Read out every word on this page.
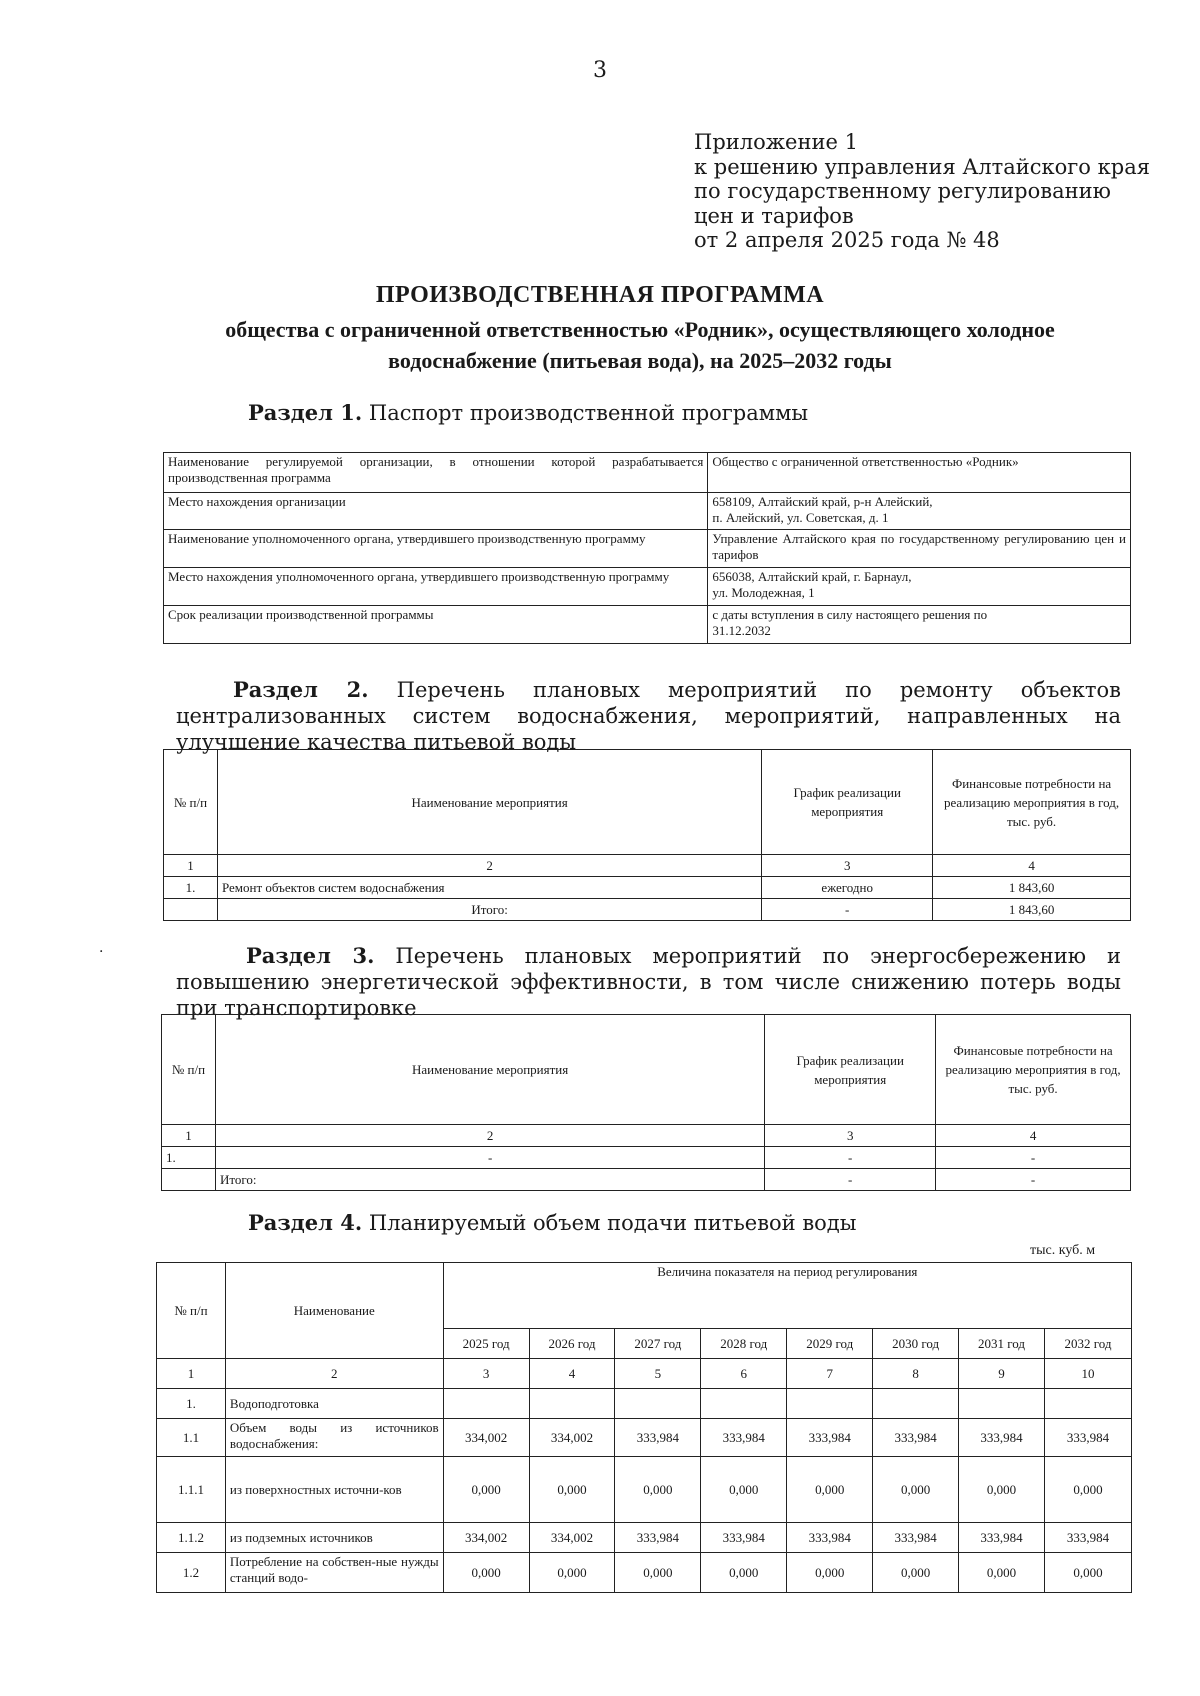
3
Приложение 1
к решению управления Алтайского края
по государственному регулированию
цен и тарифов
от 2 апреля 2025 года № 48
ПРОИЗВОДСТВЕННАЯ ПРОГРАММА
общества с ограниченной ответственностью «Родник», осуществляющего холодное водоснабжение (питьевая вода), на 2025–2032 годы
Раздел 1. Паспорт производственной программы
Наименование регулируемой организации, в отношении которой разрабатывается производственная программа	Общество с ограниченной ответственностью «Родник»
Место нахождения организации	658109, Алтайский край, р-н Алейский,
п. Алейский, ул. Советская, д. 1

Наименование уполномоченного органа, утвердившего производственную программу	Управление Алтайского края по государственному регулированию цен и тарифов
Место нахождения уполномоченного органа, утвердившего производственную программу	656038, Алтайский край, г. Барнаул,
ул. Молодежная, 1

Срок реализации производственной программы	с даты вступления в силу настоящего решения по
31.12.2032
Раздел 2. Перечень плановых мероприятий по ремонту объектов централизованных систем водоснабжения, мероприятий, направленных на улучшение качества питьевой воды
№ п/п	Наименование мероприятия	График реализации мероприятия	Финансовые потребности на реализацию мероприятия в год, тыс. руб.
1	2	3	4
1.	Ремонт объектов систем водоснабжения	ежегодно	1 843,60
	Итого:	-	1 843,60
·	Раздел 3. Перечень плановых мероприятий по энергосбережению и повышению энергетической эффективности, в том числе снижению потерь воды при транспортировке
№ п/п	Наименование мероприятия	График реализации мероприятия	Финансовые потребности на реализацию мероприятия в год, тыс. руб.
1	2	3	4
1.	-	-	-
	Итого:	-	-
Раздел 4. Планируемый объем подачи питьевой воды
тыс. куб. м
№ п/п	Наименование	Величина показателя на период регулирования							
		2025 год	2026 год	2027 год	2028 год	2029 год	2030 год	2031 год	2032 год
1	2	3	4	5	6	7	8	9	10
1.	Водоподготовка								
1.1	Объем воды из источников водоснабжения:	334,002	334,002	333,984	333,984	333,984	333,984	333,984	333,984
1.1.1	из поверхностных источни-ков	0,000	0,000	0,000	0,000	0,000	0,000	0,000	0,000
1.1.2	из подземных источников	334,002	334,002	333,984	333,984	333,984	333,984	333,984	333,984
1.2	Потребление на собствен-ные нужды станций водо-	0,000	0,000	0,000	0,000	0,000	0,000	0,000	0,000
